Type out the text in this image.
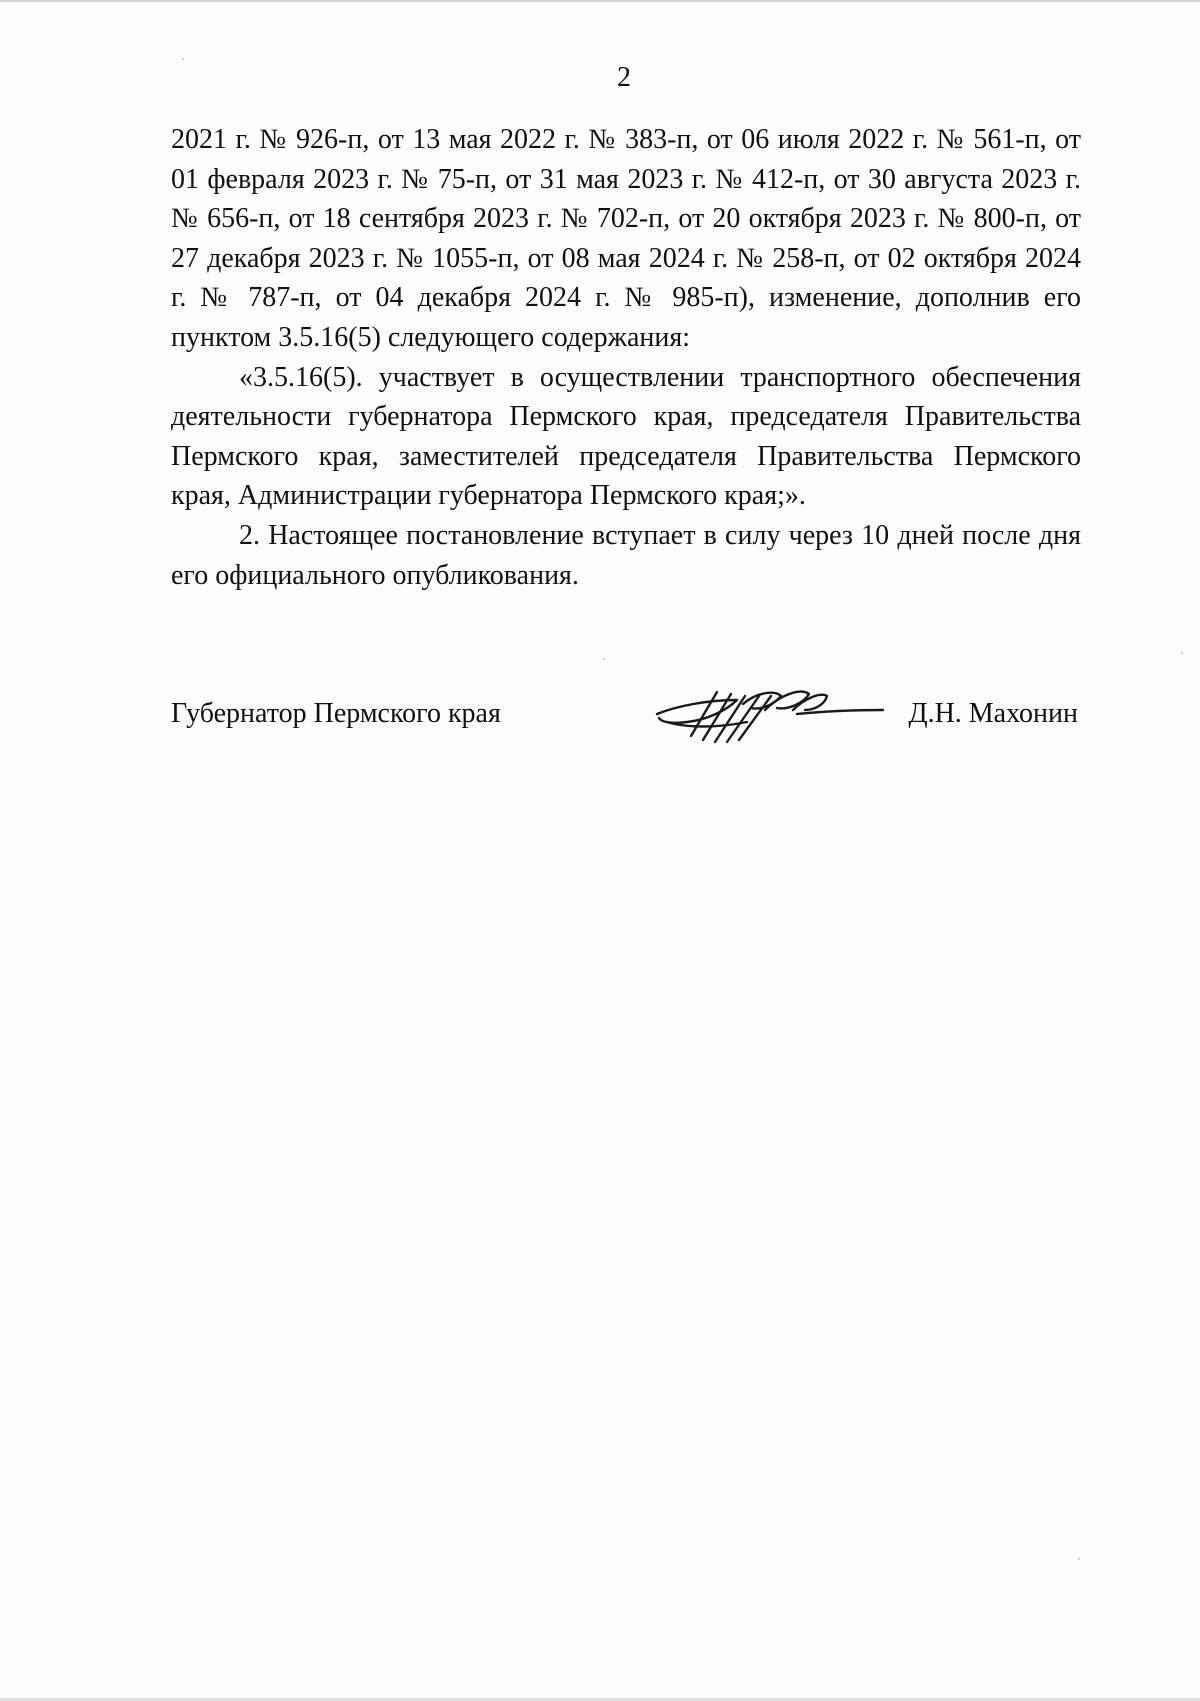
2

2021 г. № 926-п, от 13 мая 2022 г. № 383-п, от 06 июля 2022 г. № 561-п, от 01 февраля 2023 г. № 75-п, от 31 мая 2023 г. № 412-п, от 30 августа 2023 г. № 656-п, от 18 сентября 2023 г. № 702-п, от 20 октября 2023 г. № 800-п, от 27 декабря 2023 г. № 1055-п, от 08 мая 2024 г. № 258-п, от 02 октября 2024 г. № 787-п, от 04 декабря 2024 г. № 985-п), изменение, дополнив его пунктом 3.5.16(5) следующего содержания:

«3.5.16(5). участвует в осуществлении транспортного обеспечения деятельности губернатора Пермского края, председателя Правительства Пермского края, заместителей председателя Правительства Пермского края, Администрации губернатора Пермского края;».

2. Настоящее постановление вступает в силу через 10 дней после дня его официального опубликования.

Губернатор Пермского края	Д.Н. Махонин
